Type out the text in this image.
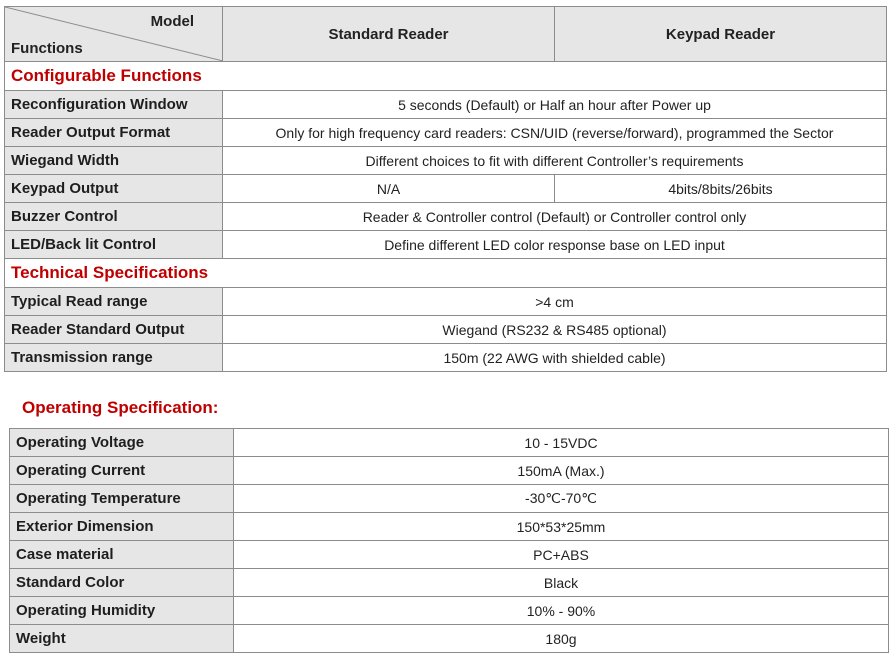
Model
Functions	Standard Reader	Keypad Reader
Configurable Functions		
Reconfiguration Window	5 seconds (Default) or Half an hour after Power up	
Reader Output Format	Only for high frequency card readers: CSN/UID (reverse/forward), programmed the Sector	
Wiegand Width	Different choices to fit with different Controller’s requirements	
Keypad Output	N/A	4bits/8bits/26bits
Buzzer Control	Reader & Controller control (Default) or Controller control only	
LED/Back lit Control	Define different LED color response base on LED input	
Technical Specifications		
Typical Read range	>4 cm	
Reader Standard Output	Wiegand (RS232 & RS485 optional)	
Transmission range	150m (22 AWG with shielded cable)	
Operating Specification:
Operating Voltage	10 - 15VDC
Operating Current	150mA (Max.)
Operating Temperature	-30℃-70℃
Exterior Dimension	150*53*25mm
Case material	PC+ABS
Standard Color	Black
Operating Humidity	10% - 90%
Weight	180g
